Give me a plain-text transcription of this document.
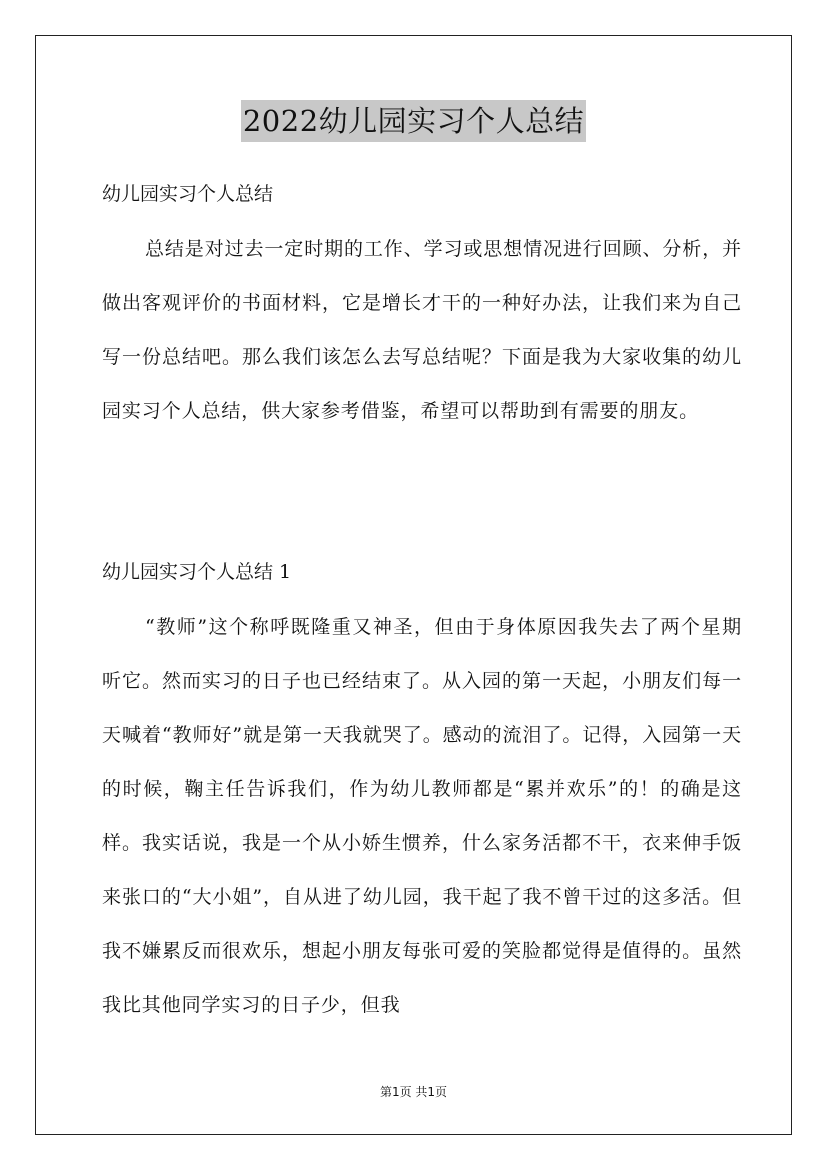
2022幼儿园实习个人总结
幼儿园实习个人总结

总结是对过去一定时期的工作、学习或思想情况进行回顾、分析，并做出客观评价的书面材料，它是增长才干的一种好办法，让我们来为自己写一份总结吧。那么我们该怎么去写总结呢？下面是我为大家收集的幼儿园实习个人总结，供大家参考借鉴，希望可以帮助到有需要的朋友。

幼儿园实习个人总结 1

“教师”这个称呼既隆重又神圣，但由于身体原因我失去了两个星期听它。然而实习的日子也已经结束了。从入园的第一天起，小朋友们每一天喊着“教师好”就是第一天我就哭了。感动的流泪了。记得，入园第一天的时候，鞠主任告诉我们，作为幼儿教师都是“累并欢乐”的！的确是这样。我实话说，我是一个从小娇生惯养，什么家务活都不干，衣来伸手饭来张口的“大小姐”，自从进了幼儿园，我干起了我不曾干过的这多活。但我不嫌累反而很欢乐，想起小朋友每张可爱的笑脸都觉得是值得的。虽然我比其他同学实习的日子少，但我

第1页 共1页
